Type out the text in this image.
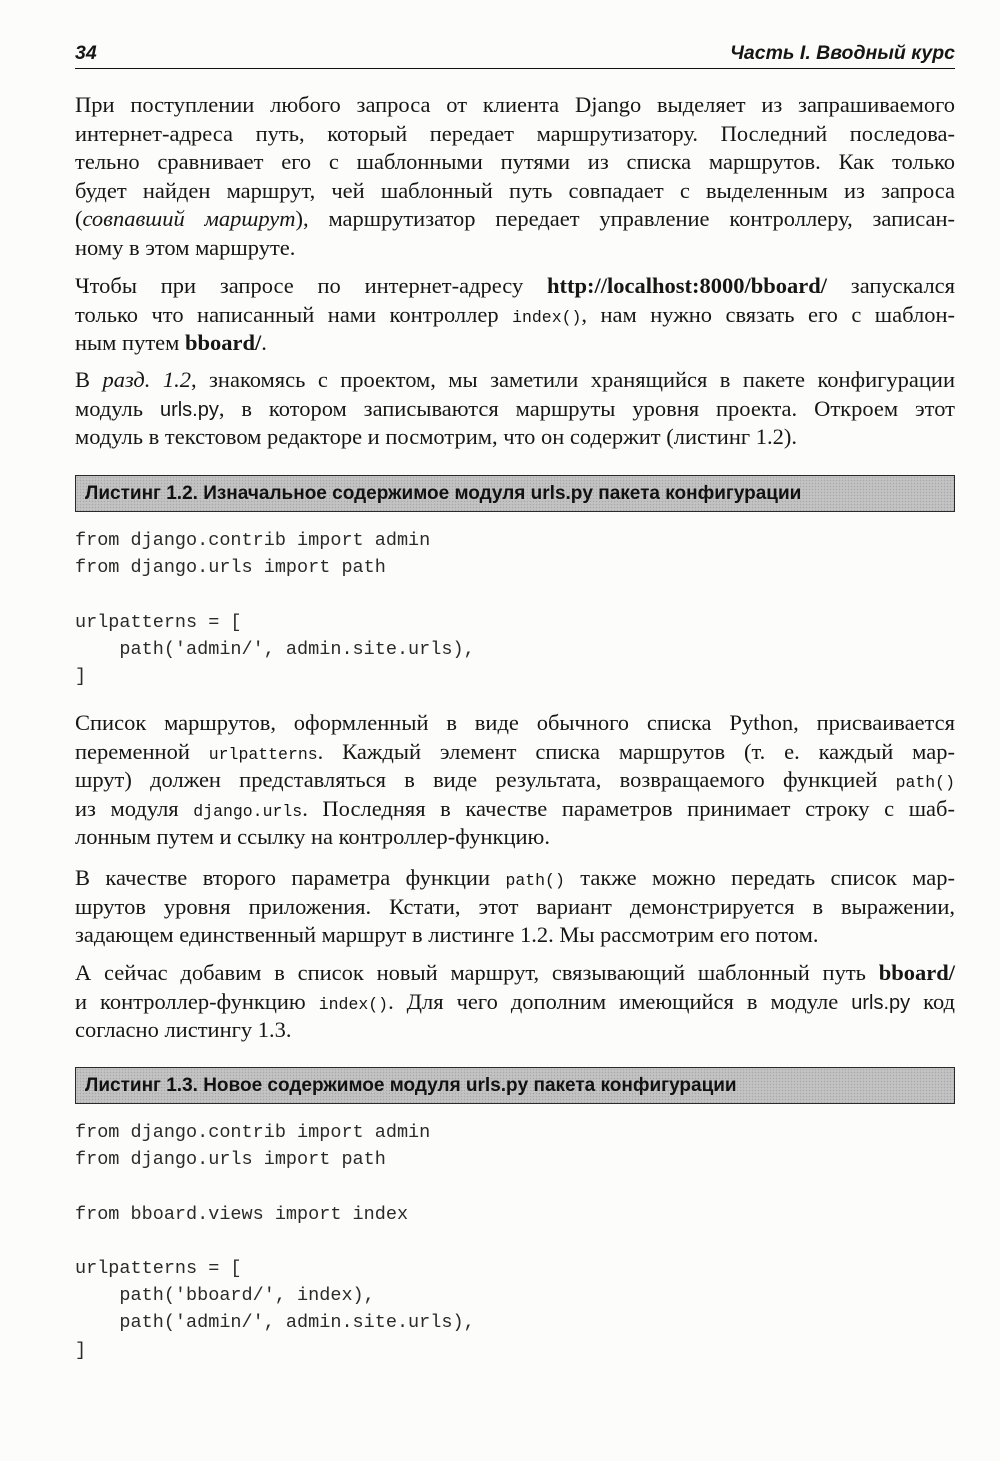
34	Часть I. Вводный курс
При поступлении любого запроса от клиента Django выделяет из запрашиваемого
интернет-адреса путь, который передает маршрутизатору. Последний последова-
тельно сравнивает его с шаблонными путями из списка маршрутов. Как только
будет найден маршрут, чей шаблонный путь совпадает с выделенным из запроса
(совпавший маршрут), маршрутизатор передает управление контроллеру, записан-
ному в этом маршруте.
Чтобы при запросе по интернет-адресу http://localhost:8000/bboard/ запускался
только что написанный нами контроллер index(), нам нужно связать его с шаблон-
ным путем bboard/.
В разд. 1.2, знакомясь с проектом, мы заметили хранящийся в пакете конфигурации
модуль urls.py, в котором записываются маршруты уровня проекта. Откроем этот
модуль в текстовом редакторе и посмотрим, что он содержит (листинг 1.2).
Листинг 1.2. Изначальное содержимое модуля urls.py пакета конфигурации
from django.contrib import admin
from django.urls import path
urlpatterns = [
path('admin/', admin.site.urls),
]
Список маршрутов, оформленный в виде обычного списка Python, присваивается
переменной urlpatterns. Каждый элемент списка маршрутов (т. е. каждый мар-
шрут) должен представляться в виде результата, возвращаемого функцией path()
из модуля django.urls. Последняя в качестве параметров принимает строку с шаб-
лонным путем и ссылку на контроллер-функцию.
В качестве второго параметра функции path() также можно передать список мар-
шрутов уровня приложения. Кстати, этот вариант демонстрируется в выражении,
задающем единственный маршрут в листинге 1.2. Мы рассмотрим его потом.
А сейчас добавим в список новый маршрут, связывающий шаблонный путь bboard/
и контроллер-функцию index(). Для чего дополним имеющийся в модуле urls.py код
согласно листингу 1.3.
Листинг 1.3. Новое содержимое модуля urls.py пакета конфигурации
from django.contrib import admin
from django.urls import path
from bboard.views import index
urlpatterns = [
path('bboard/', index),
path('admin/', admin.site.urls),
]
